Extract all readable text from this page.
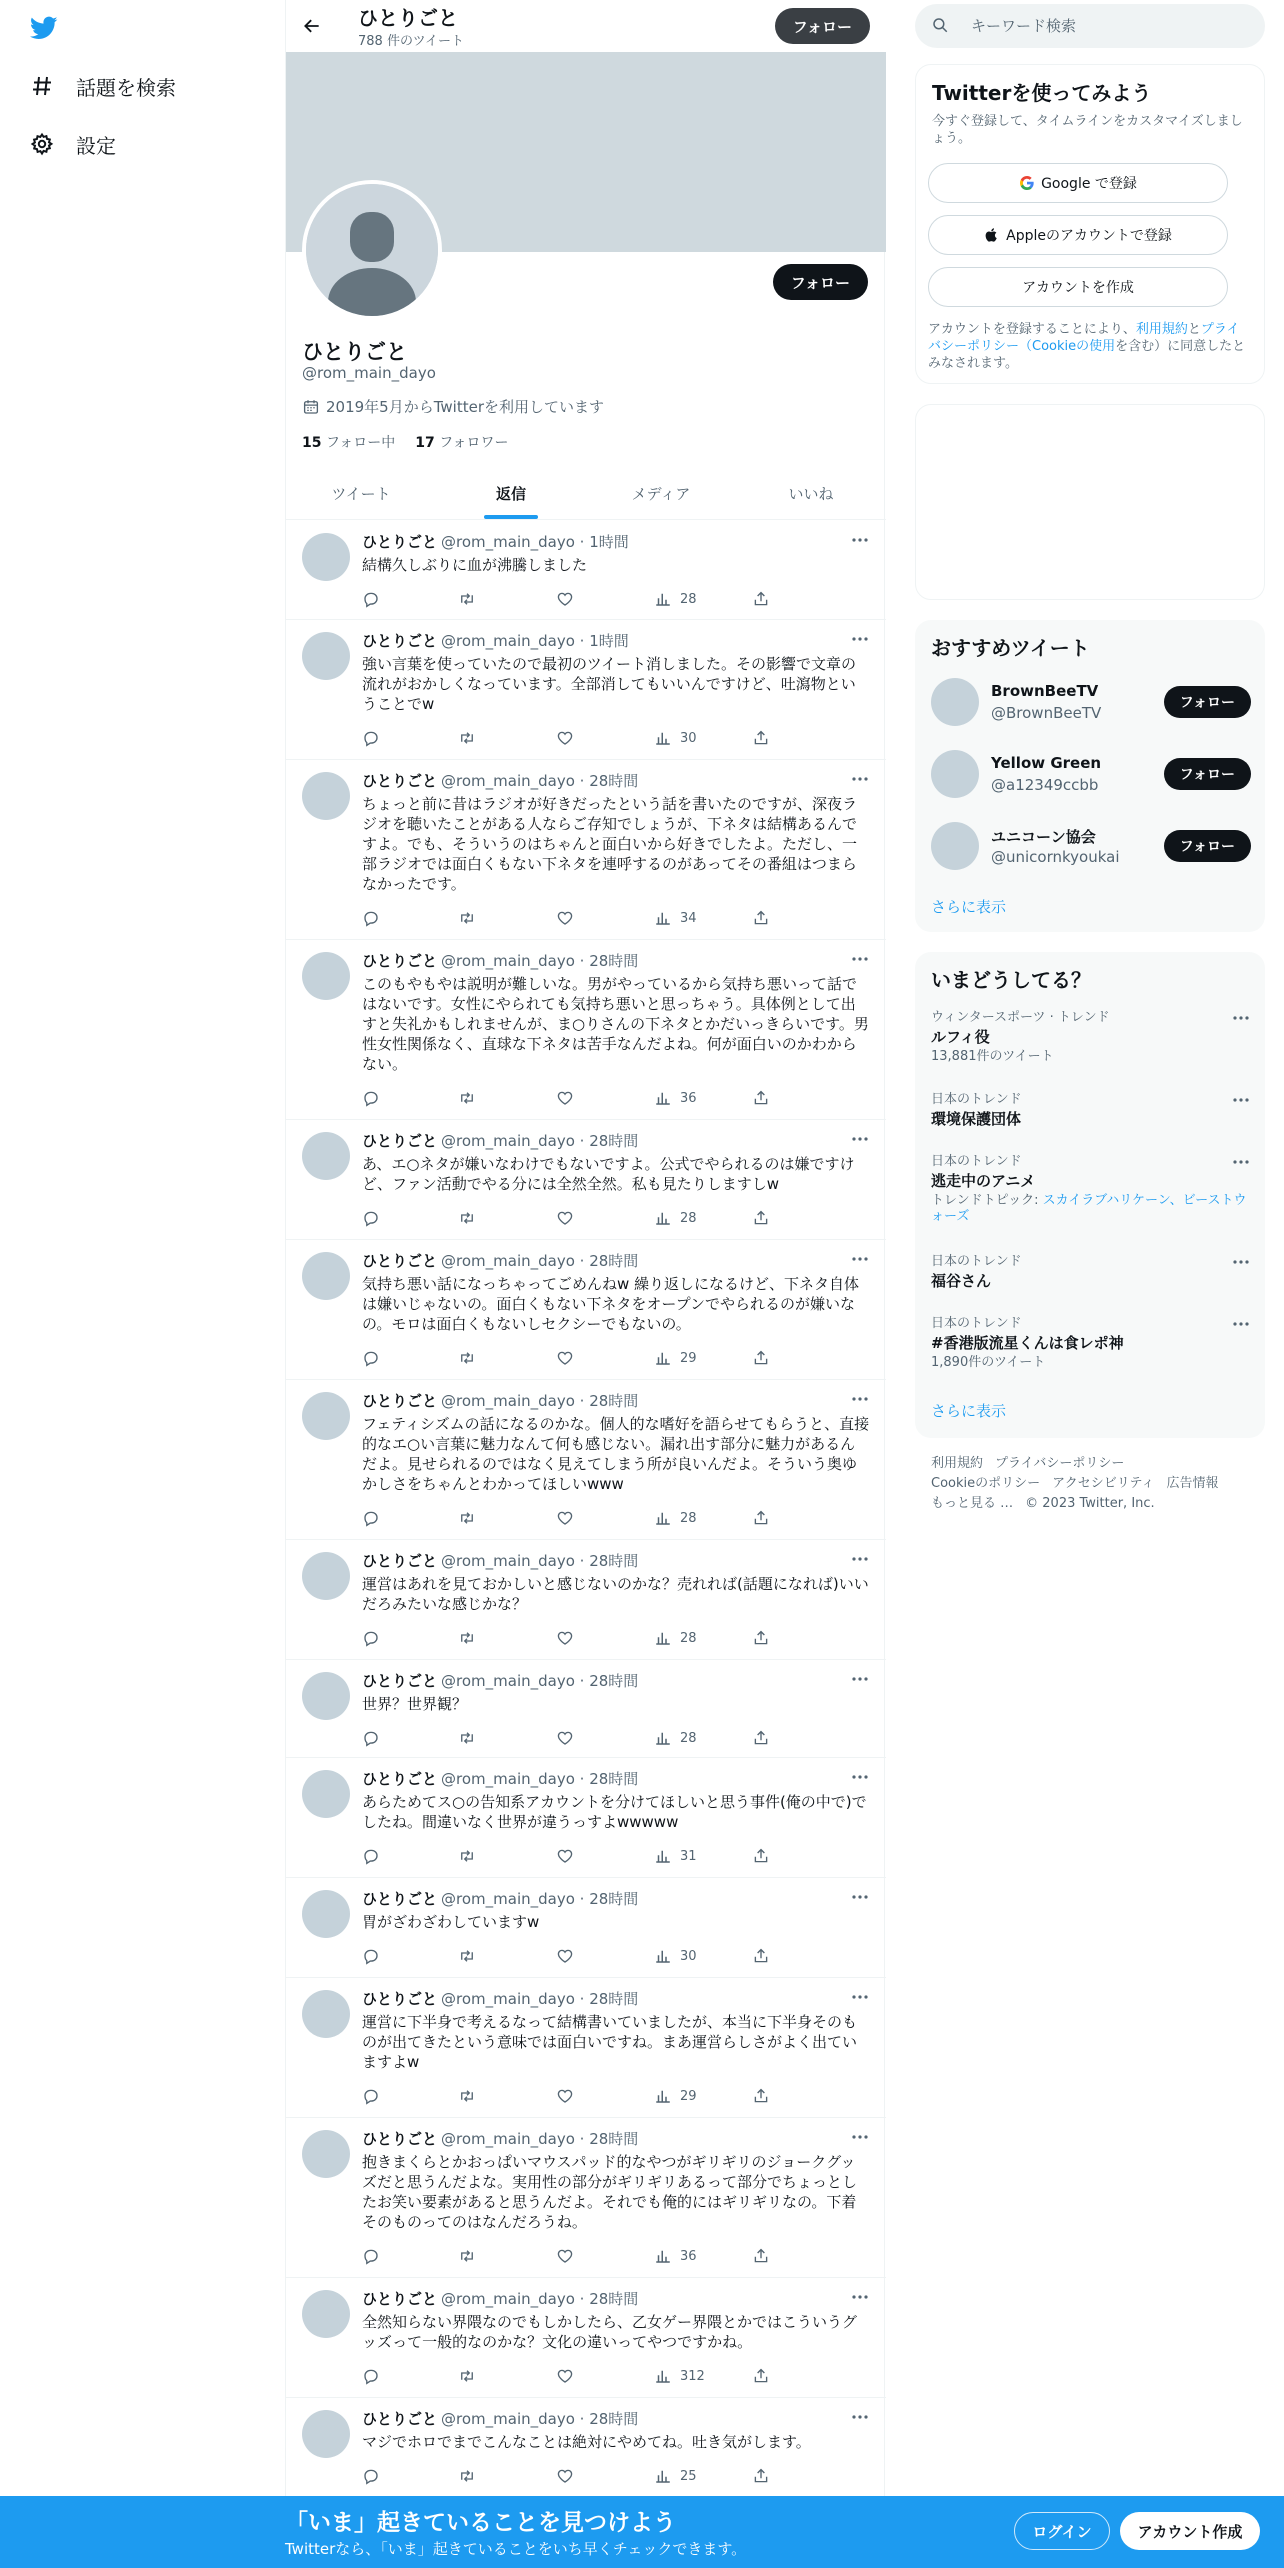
話題を検索
設定
ひとりごと
788 件のツイート
フォロー
フォロー
ひとりごと
@rom_main_dayo
2019年5月からTwitterを利用しています
15 フォロー中 17 フォロワー
ツイート	返信	メディア	いいね
ひとりごと @rom_main_dayo · 1時間
結構久しぶりに血が沸騰しました
28
ひとりごと @rom_main_dayo · 1時間
強い言葉を使っていたので最初のツイート消しました。その影響で文章の流れがおかしくなっています。全部消してもいいんですけど、吐瀉物ということでw
30
ひとりごと @rom_main_dayo · 28時間
ちょっと前に昔はラジオが好きだったという話を書いたのですが、深夜ラジオを聴いたことがある人ならご存知でしょうが、下ネタは結構あるんですよ。でも、そういうのはちゃんと面白いから好きでしたよ。ただし、一部ラジオでは面白くもない下ネタを連呼するのがあってその番組はつまらなかったです。
34
ひとりごと @rom_main_dayo · 28時間
このもやもやは説明が難しいな。男がやっているから気持ち悪いって話ではないです。女性にやられても気持ち悪いと思っちゃう。具体例として出すと失礼かもしれませんが、ま○りさんの下ネタとかだいっきらいです。男性女性関係なく、直球な下ネタは苦手なんだよね。何が面白いのかわからない。
36
ひとりごと @rom_main_dayo · 28時間
あ、エ○ネタが嫌いなわけでもないですよ。公式でやられるのは嫌ですけど、ファン活動でやる分には全然全然。私も見たりしますしw
28
ひとりごと @rom_main_dayo · 28時間
気持ち悪い話になっちゃってごめんねw 繰り返しになるけど、下ネタ自体は嫌いじゃないの。面白くもない下ネタをオープンでやられるのが嫌いなの。モロは面白くもないしセクシーでもないの。
29
ひとりごと @rom_main_dayo · 28時間
フェティシズムの話になるのかな。個人的な嗜好を語らせてもらうと、直接的なエ○い言葉に魅力なんて何も感じない。漏れ出す部分に魅力があるんだよ。見せられるのではなく見えてしまう所が良いんだよ。そういう奥ゆかしさをちゃんとわかってほしいwww
28
ひとりごと @rom_main_dayo · 28時間
運営はあれを見ておかしいと感じないのかな？売れれば(話題になれば)いいだろみたいな感じかな？
28
ひとりごと @rom_main_dayo · 28時間
世界？世界観？
28
ひとりごと @rom_main_dayo · 28時間
あらためてス○の告知系アカウントを分けてほしいと思う事件(俺の中で)でしたね。間違いなく世界が違うっすよwwwww
31
ひとりごと @rom_main_dayo · 28時間
胃がざわざわしていますw
30
ひとりごと @rom_main_dayo · 28時間
運営に下半身で考えるなって結構書いていましたが、本当に下半身そのものが出てきたという意味では面白いですね。まあ運営らしさがよく出ていますよw
29
ひとりごと @rom_main_dayo · 28時間
抱きまくらとかおっぱいマウスパッド的なやつがギリギリのジョークグッズだと思うんだよな。実用性の部分がギリギリあるって部分でちょっとしたお笑い要素があると思うんだよ。それでも俺的にはギリギリなの。下着そのものってのはなんだろうね。
36
ひとりごと @rom_main_dayo · 28時間
全然知らない界隈なのでもしかしたら、乙女ゲー界隈とかではこういうグッズって一般的なのかな？文化の違いってやつですかね。
312
ひとりごと @rom_main_dayo · 28時間
マジでホロでまでこんなことは絶対にやめてね。吐き気がします。
25
キーワード検索
Twitterを使ってみよう
今すぐ登録して、タイムラインをカスタマイズしましょう。
Google で登録
Appleのアカウントで登録
アカウントを作成
アカウントを登録することにより、利用規約とプライバシーポリシー（Cookieの使用を含む）に同意したとみなされます。
おすすめツイート
BrownBeeTV
@BrownBeeTV
フォロー
Yellow Green
@a12349ccbb
フォロー
ユニコーン協会
@unicornkyoukai
フォロー
さらに表示
いまどうしてる？
ウィンタースポーツ · トレンド
ルフィ役
13,881件のツイート
日本のトレンド
環境保護団体
日本のトレンド
逃走中のアニメ
トレンドトピック: スカイラブハリケーン、ビーストウォーズ
日本のトレンド
福谷さん
日本のトレンド
#香港版流星くんは食レポ神
1,890件のツイート
さらに表示
利用規約 プライバシーポリシー
Cookieのポリシー アクセシビリティ 広告情報
もっと見る … © 2023 Twitter, Inc.
「いま」起きていることを見つけよう
Twitterなら、「いま」起きていることをいち早くチェックできます。
ログイン	アカウント作成
